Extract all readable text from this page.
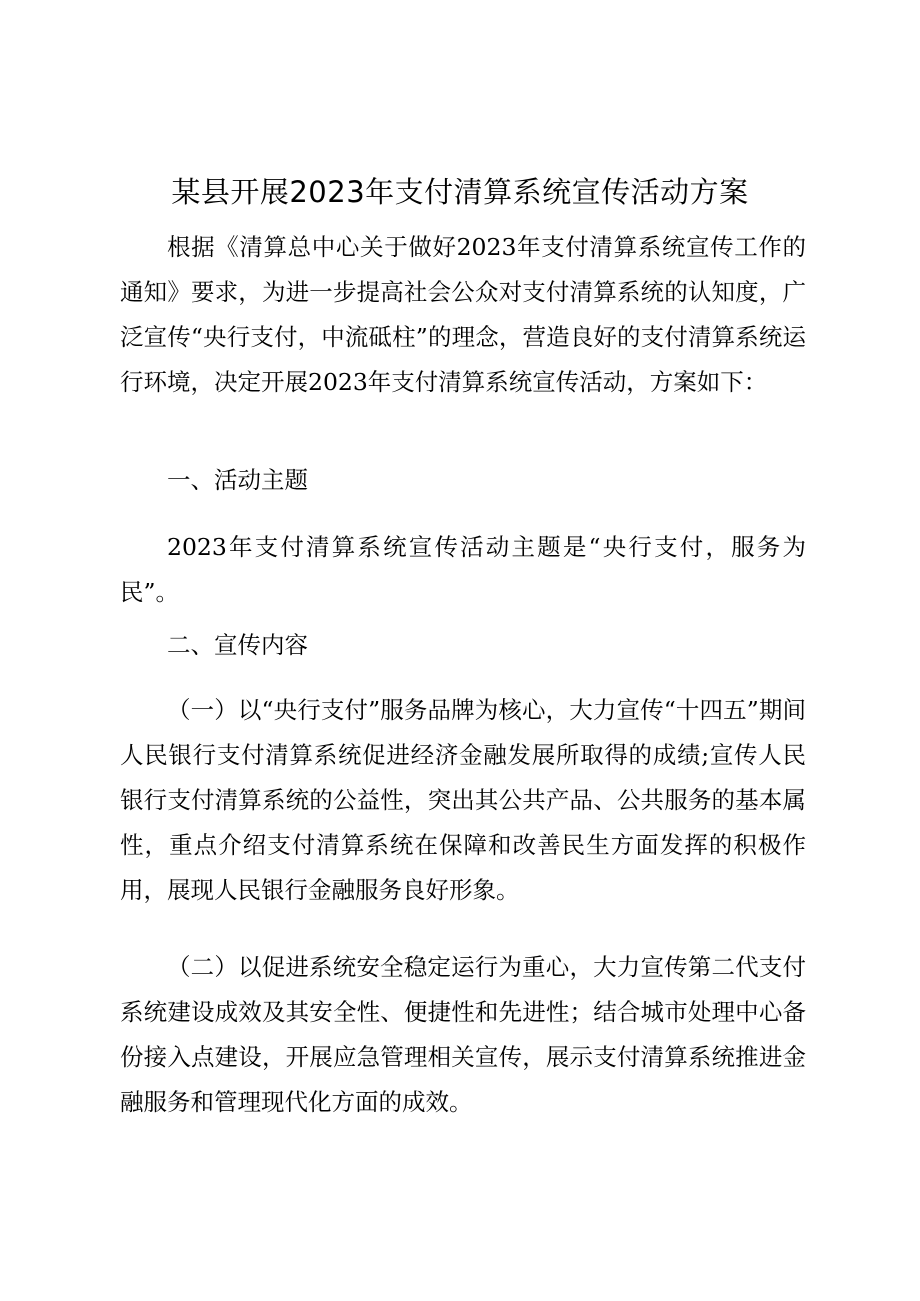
某县开展2023年支付清算系统宣传活动方案

根据《清算总中心关于做好2023年支付清算系统宣传工作的通知》要求，为进一步提高社会公众对支付清算系统的认知度，广泛宣传“央行支付，中流砥柱”的理念，营造良好的支付清算系统运行环境，决定开展2023年支付清算系统宣传活动，方案如下：

一、活动主题

2023年支付清算系统宣传活动主题是“央行支付，服务为民”。

二、宣传内容

（一）以“央行支付”服务品牌为核心，大力宣传“十四五”期间人民银行支付清算系统促进经济金融发展所取得的成绩;宣传人民银行支付清算系统的公益性，突出其公共产品、公共服务的基本属性，重点介绍支付清算系统在保障和改善民生方面发挥的积极作用，展现人民银行金融服务良好形象。

（二）以促进系统安全稳定运行为重心，大力宣传第二代支付系统建设成效及其安全性、便捷性和先进性；结合城市处理中心备份接入点建设，开展应急管理相关宣传，展示支付清算系统推进金融服务和管理现代化方面的成效。
